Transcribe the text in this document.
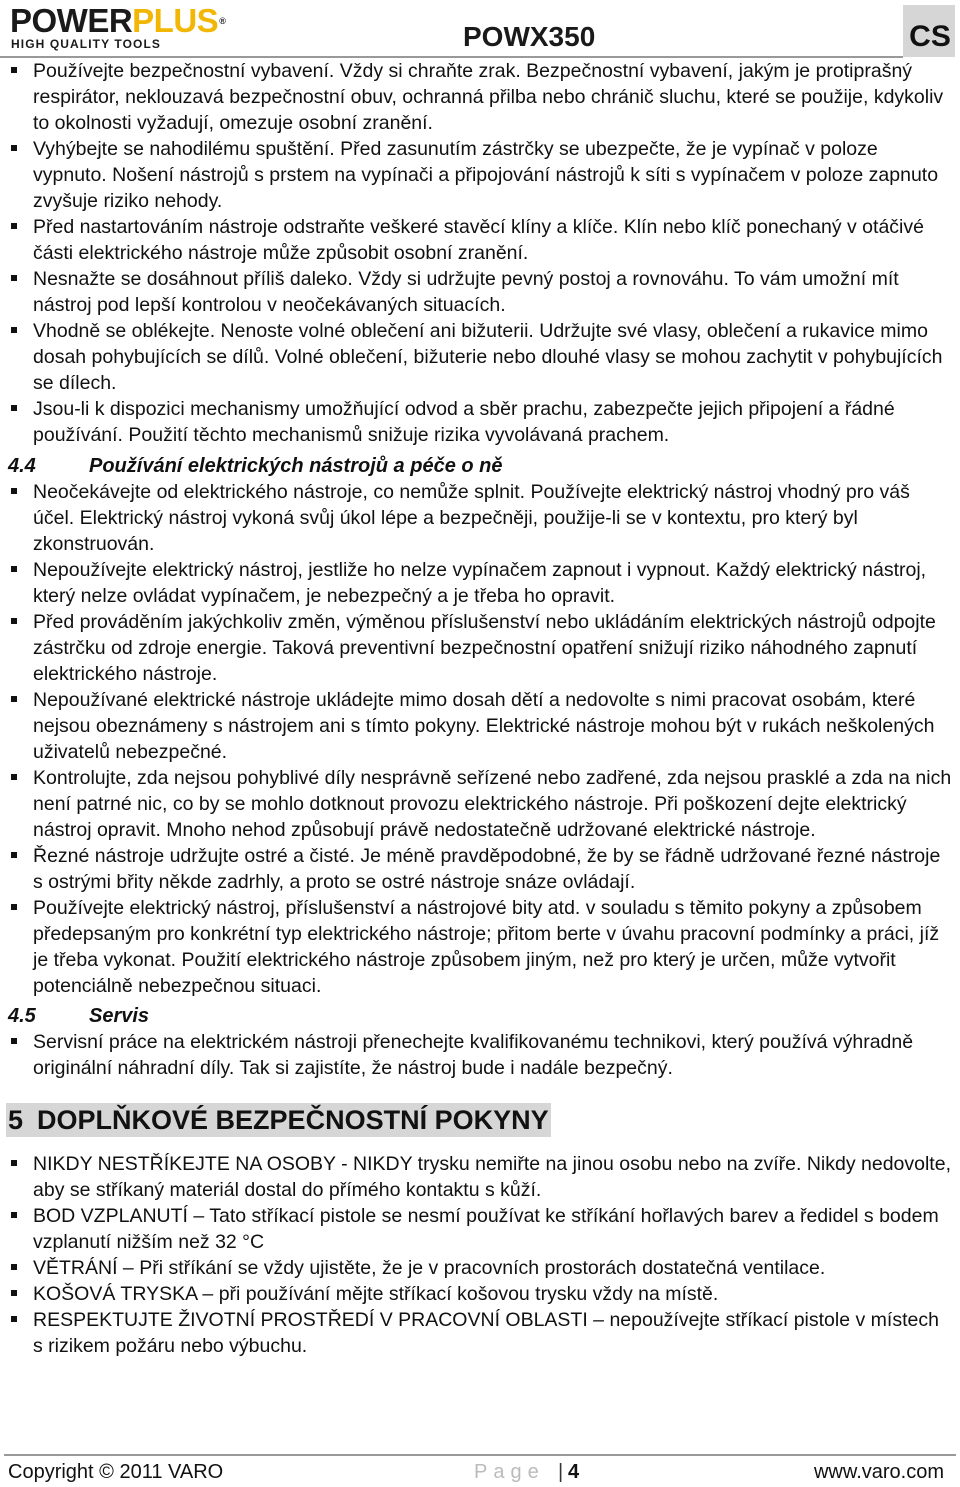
POWERPLUS®
HIGH QUALITY TOOLS	POWX350	CS
Používejte bezpečnostní vybavení. Vždy si chraňte zrak. Bezpečnostní vybavení, jakým je protiprašný respirátor, neklouzavá bezpečnostní obuv, ochranná přilba nebo chránič sluchu, které se použije, kdykoliv to okolnosti vyžadují, omezuje osobní zranění.
Vyhýbejte se nahodilému spuštění. Před zasunutím zástrčky se ubezpečte, že je vypínač v poloze vypnuto. Nošení nástrojů s prstem na vypínači a připojování nástrojů k síti s vypínačem v poloze zapnuto zvyšuje riziko nehody.
Před nastartováním nástroje odstraňte veškeré stavěcí klíny a klíče. Klín nebo klíč ponechaný v otáčivé části elektrického nástroje může způsobit osobní zranění.
Nesnažte se dosáhnout příliš daleko. Vždy si udržujte pevný postoj a rovnováhu. To vám umožní mít nástroj pod lepší kontrolou v neočekávaných situacích.
Vhodně se oblékejte. Nenoste volné oblečení ani bižuterii. Udržujte své vlasy, oblečení a rukavice mimo dosah pohybujících se dílů. Volné oblečení, bižuterie nebo dlouhé vlasy se mohou zachytit v pohybujících se dílech.
Jsou-li k dispozici mechanismy umožňující odvod a sběr prachu, zabezpečte jejich připojení a řádné používání. Použití těchto mechanismů snižuje rizika vyvolávaná prachem.
4.4	Používání elektrických nástrojů a péče o ně
Neočekávejte od elektrického nástroje, co nemůže splnit. Používejte elektrický nástroj vhodný pro váš účel. Elektrický nástroj vykoná svůj úkol lépe a bezpečněji, použije-li se v kontextu, pro který byl zkonstruován.
Nepoužívejte elektrický nástroj, jestliže ho nelze vypínačem zapnout i vypnout. Každý elektrický nástroj, který nelze ovládat vypínačem, je nebezpečný a je třeba ho opravit.
Před prováděním jakýchkoliv změn, výměnou příslušenství nebo ukládáním elektrických nástrojů odpojte zástrčku od zdroje energie. Taková preventivní bezpečnostní opatření snižují riziko náhodného zapnutí elektrického nástroje.
Nepoužívané elektrické nástroje ukládejte mimo dosah dětí a nedovolte s nimi pracovat osobám, které nejsou obeznámeny s nástrojem ani s tímto pokyny. Elektrické nástroje mohou být v rukách neškolených uživatelů nebezpečné.
Kontrolujte, zda nejsou pohyblivé díly nesprávně seřízené nebo zadřené, zda nejsou prasklé a zda na nich není patrné nic, co by se mohlo dotknout provozu elektrického nástroje. Při poškození dejte elektrický nástroj opravit. Mnoho nehod způsobují právě nedostatečně udržované elektrické nástroje.
Řezné nástroje udržujte ostré a čisté. Je méně pravděpodobné, že by se řádně udržované řezné nástroje s ostrými břity někde zadrhly, a proto se ostré nástroje snáze ovládají.
Používejte elektrický nástroj, příslušenství a nástrojové bity atd. v souladu s těmito pokyny a způsobem předepsaným pro konkrétní typ elektrického nástroje; přitom berte v úvahu pracovní podmínky a práci, jíž je třeba vykonat. Použití elektrického nástroje způsobem jiným, než pro který je určen, může vytvořit potenciálně nebezpečnou situaci.
4.5	Servis
Servisní práce na elektrickém nástroji přenechejte kvalifikovanému technikovi, který používá výhradně originální náhradní díly. Tak si zajistíte, že nástroj bude i nadále bezpečný.
5 DOPLŇKOVÉ BEZPEČNOSTNÍ POKYNY
NIKDY NESTŘÍKEJTE NA OSOBY - NIKDY trysku nemiřte na jinou osobu nebo na zvíře. Nikdy nedovolte, aby se stříkaný materiál dostal do přímého kontaktu s kůží.
BOD VZPLANUTÍ – Tato stříkací pistole se nesmí používat ke stříkání hořlavých barev a ředidel s bodem vzplanutí nižším než 32 °C
VĚTRÁNÍ – Při stříkání se vždy ujistěte, že je v pracovních prostorách dostatečná ventilace.
KOŠOVÁ TRYSKA – při používání mějte stříkací košovou trysku vždy na místě.
RESPEKTUJTE ŽIVOTNÍ PROSTŘEDÍ V PRACOVNÍ OBLASTI – nepoužívejte stříkací pistole v místech s rizikem požáru nebo výbuchu.
Copyright © 2011 VARO	Page | 4	www.varo.com
